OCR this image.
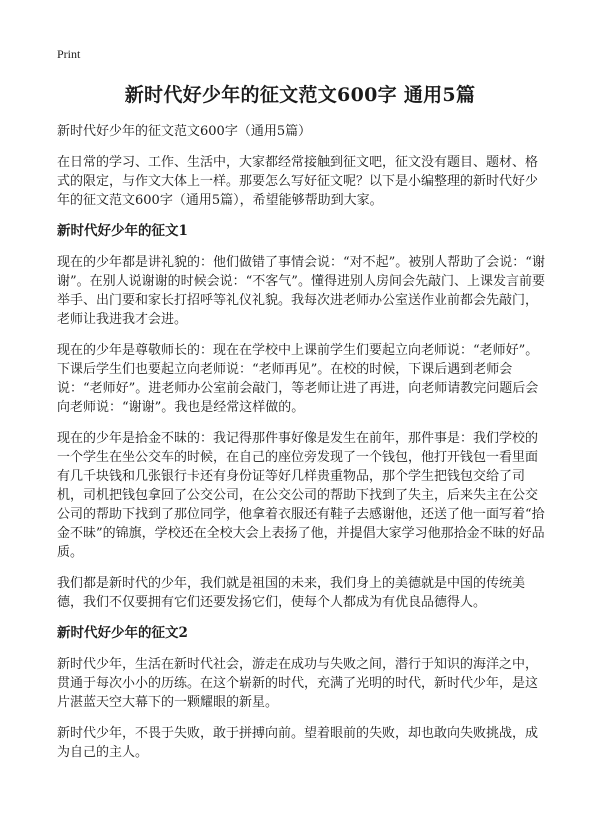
Print
新时代好少年的征文范文600字 通用5篇

新时代好少年的征文范文600字（通用5篇）

在日常的学习、工作、生活中，大家都经常接触到征文吧，征文没有题目、题材、格式的限定，与作文大体上一样。那要怎么写好征文呢？以下是小编整理的新时代好少年的征文范文600字（通用5篇），希望能够帮助到大家。

新时代好少年的征文1

现在的少年都是讲礼貌的：他们做错了事情会说：“对不起”。被别人帮助了会说：“谢谢”。在别人说谢谢的时候会说：“不客气”。懂得进别人房间会先敲门、上课发言前要举手、出门要和家长打招呼等礼仪礼貌。我每次进老师办公室送作业前都会先敲门，老师让我进我才会进。

现在的少年是尊敬师长的：现在在学校中上课前学生们要起立向老师说：“老师好”。下课后学生们也要起立向老师说：“老师再见”。在校的时候，下课后遇到老师会说：“老师好”。进老师办公室前会敲门，等老师让进了再进，向老师请教完问题后会向老师说：“谢谢”。我也是经常这样做的。

现在的少年是拾金不昧的：我记得那件事好像是发生在前年，那件事是：我们学校的一个学生在坐公交车的时候，在自己的座位旁发现了一个钱包，他打开钱包一看里面有几千块钱和几张银行卡还有身份证等好几样贵重物品，那个学生把钱包交给了司机，司机把钱包拿回了公交公司，在公交公司的帮助下找到了失主，后来失主在公交公司的帮助下找到了那位同学，他拿着衣服还有鞋子去感谢他，还送了他一面写着“拾金不昧”的锦旗，学校还在全校大会上表扬了他，并提倡大家学习他那拾金不昧的好品质。

我们都是新时代的少年，我们就是祖国的未来，我们身上的美德就是中国的传统美德，我们不仅要拥有它们还要发扬它们，使每个人都成为有优良品德得人。

新时代好少年的征文2

新时代少年，生活在新时代社会，游走在成功与失败之间，潜行于知识的海洋之中，贯通于每次小小的历练。在这个崭新的时代，充满了光明的时代，新时代少年，是这片湛蓝天空大幕下的一颗耀眼的新星。

新时代少年，不畏于失败，敢于拼搏向前。望着眼前的失败，却也敢向失败挑战，成为自己的主人。
